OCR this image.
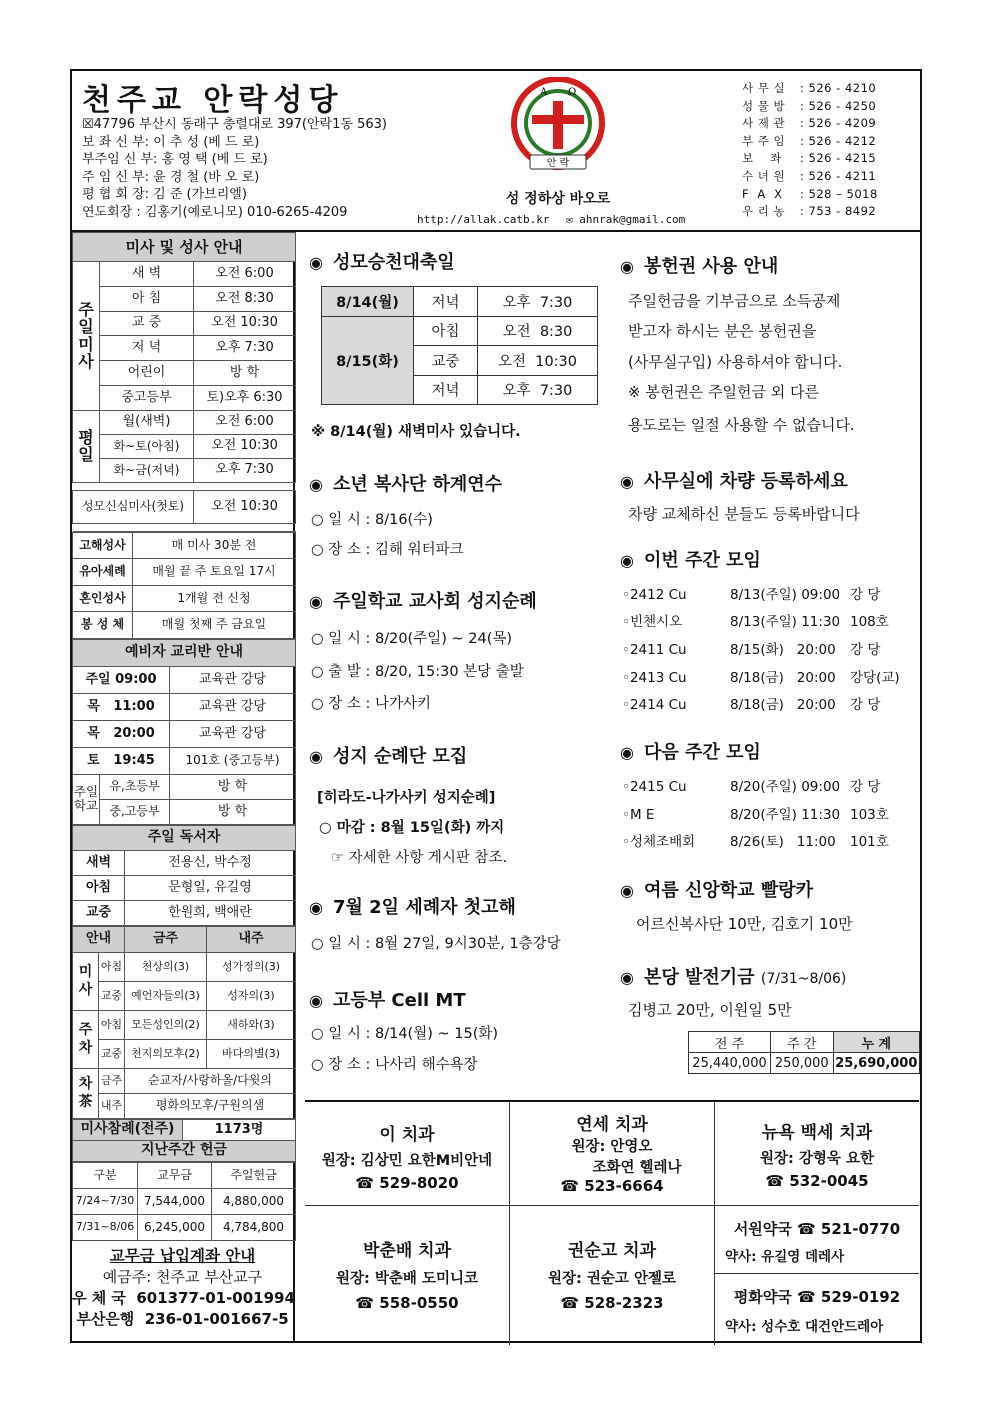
천주교 안락성당
☒47796 부산시 동래구 충렬대로 397(안락1동 563)
보 좌 신 부: 이 추 성 (베 드 로)
부주임 신 부: 홍 영 택 (베 드 로)
주 임 신 부: 윤 경 철 (바 오 로)
평 협 회 장: 김 준 (가브리엘)
연도회장 : 김홍기(예로니모) 010-6265-4209
Α Ω
안 락
성 정하상 바오로
http://allak.catb.kr ✉ ahnrak@gmail.com
사 무 실	: 526 - 4210
성 물 방	: 526 - 4250
사 제 관	: 526 - 4209
부 주 임	: 526 - 4212
보    좌	: 526 - 4215
수 녀 원	: 526 - 4211
F  A  X	: 528 – 5018
우 리 농	: 753 - 8492
미사 및 성사 안내		
주일미사	새 벽	오전 6:00
	아 침	오전 8:30
	교 중	오전 10:30
	저 녁	오후 7:30
	어린이	방 학
	중고등부	토)오후 6:30
평일	월(새벽)	오전 6:00
	화~토(아침)	오전 10:30
	화~금(저녁)	오후 7:30

성모신심미사(첫토)		오전 10:30

고해성사	매 미사 30분 전
유아세례	매월 끝 주 토요일 17시
혼인성사	1개월 전 신청
봉 성 체	매월 첫째 주 금요일
예비자 교리반 안내		
주일 09:00		교육관 강당
목   11:00		교육관 강당
목   20:00		교육관 강당
토   19:45		101호 (중고등부)
주일학교	유,초등부	방 학
	중,고등부	방 학
주일 독서자	
새벽	전용신, 박수정
아침	문형일, 유길영
교중	한원희, 백애란
안내		금주	내주
미사	아침	천상의(3)	성가정의(3)
	교중	예언자들의(3)	성자의(3)
주차	아침	모든성인의(2)	새하와(3)
	교중	천지의모후(2)	바다의별(3)
차茶	금주	순교자/사랑하올/다윗의	
	내주	평화의모후/구원의샘	
미사참례(전주)	1173명
지난주간 헌금
구분	교무금	주일헌금
7/24~7/30	7,544,000	4,880,000
7/31~8/06	6,245,000	4,784,800
교무금 납입계좌 안내
예금주: 천주교 부산교구
우 체 국  601377-01-001994
부산은행  236-01-001667-5
◉ 성모승천대축일
8/14(월)	저녁	오후  7:30
8/15(화)	아침	오전  8:30
	교중	오전  10:30
	저녁	오후  7:30
※ 8/14(월) 새벽미사 있습니다.
◉ 소년 복사단 하계연수
○ 일 시 : 8/16(수)
○ 장 소 : 김해 워터파크
◉ 주일학교 교사회 성지순례
○ 일 시 : 8/20(주일) ~ 24(목)
○ 출 발 : 8/20, 15:30 본당 출발
○ 장 소 : 나가사키
◉ 성지 순례단 모집
[히라도-나가사키 성지순례]
○ 마감 : 8월 15일(화) 까지
☞ 자세한 사항 게시판 참조.
◉ 7월 2일 세례자 첫고해
○ 일 시 : 8월 27일, 9시30분, 1층강당
◉ 고등부 Cell MT
○ 일 시 : 8/14(월) ~ 15(화)
○ 장 소 : 나사리 해수욕장
◉ 봉헌권 사용 안내
주일헌금을 기부금으로 소득공제
받고자 하시는 분은 봉헌권을
(사무실구입) 사용하셔야 합니다.
※ 봉헌권은 주일헌금 외 다른
용도로는 일절 사용할 수 없습니다.
◉ 사무실에 차량 등록하세요
차량 교체하신 분들도 등록바랍니다
◉ 이번 주간 모임
◦2412 Cu	8/13(주일) 09:00 강 당
◦빈첸시오	8/13(주일) 11:30 108호
◦2411 Cu	8/15(화)   20:00 강 당
◦2413 Cu	8/18(금)   20:00 강당(교)
◦2414 Cu	8/18(금)   20:00 강 당
◉ 다음 주간 모임
◦2415 Cu	8/20(주일) 09:00 강 당
◦M E	8/20(주일) 11:30 103호
◦성체조배회	8/26(토)   11:00 101호
◉ 여름 신앙학교 빨랑카
어르신복사단 10만, 김호기 10만
◉ 본당 발전기금 (7/31~8/06)
김병고 20만, 이원일 5만
전 주	주 간	누 계
25,440,000	250,000	25,690,000
이 치과
원장: 김상민 요한M비안네
☎ 529-8020
연세 치과
원장: 안영오
조화연 헬레나
☎ 523-6664
뉴욕 백세 치과
원장: 강형욱 요한
☎ 532-0045
박춘배 치과
원장: 박춘배 도미니코
☎ 558-0550
권순고 치과
원장: 권순고 안젤로
☎ 528-2323
서원약국 ☎ 521-0770
약사: 유길영 데레사
평화약국 ☎ 529-0192
약사: 성수호 대건안드레아
